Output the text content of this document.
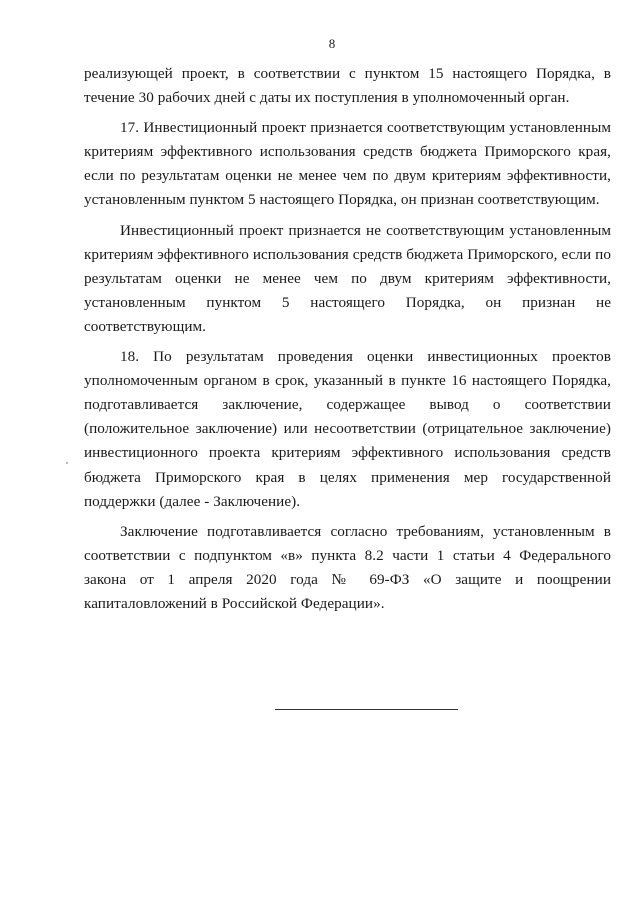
8

реализующей проект, в соответствии с пунктом 15 настоящего Порядка, в течение 30 рабочих дней с даты их поступления в уполномоченный орган.

17. Инвестиционный проект признается соответствующим установленным критериям эффективного использования средств бюджета Приморского края, если по результатам оценки не менее чем по двум критериям эффективности, установленным пунктом 5 настоящего Порядка, он признан соответствующим.

Инвестиционный проект признается не соответствующим установленным критериям эффективного использования средств бюджета Приморского, если по результатам оценки не менее чем по двум критериям эффективности, установленным пунктом 5 настоящего Порядка, он признан не соответствующим.

18. По результатам проведения оценки инвестиционных проектов уполномоченным органом в срок, указанный в пункте 16 настоящего Порядка, подготавливается заключение, содержащее вывод о соответствии (положительное заключение) или несоответствии (отрицательное заключение) инвестиционного проекта критериям эффективного использования средств бюджета Приморского края в целях применения мер государственной поддержки (далее - Заключение).

Заключение подготавливается согласно требованиям, установленным в соответствии с подпунктом «в» пункта 8.2 части 1 статьи 4 Федерального закона от 1 апреля 2020 года № 69-ФЗ «О защите и поощрении капиталовложений в Российской Федерации».
